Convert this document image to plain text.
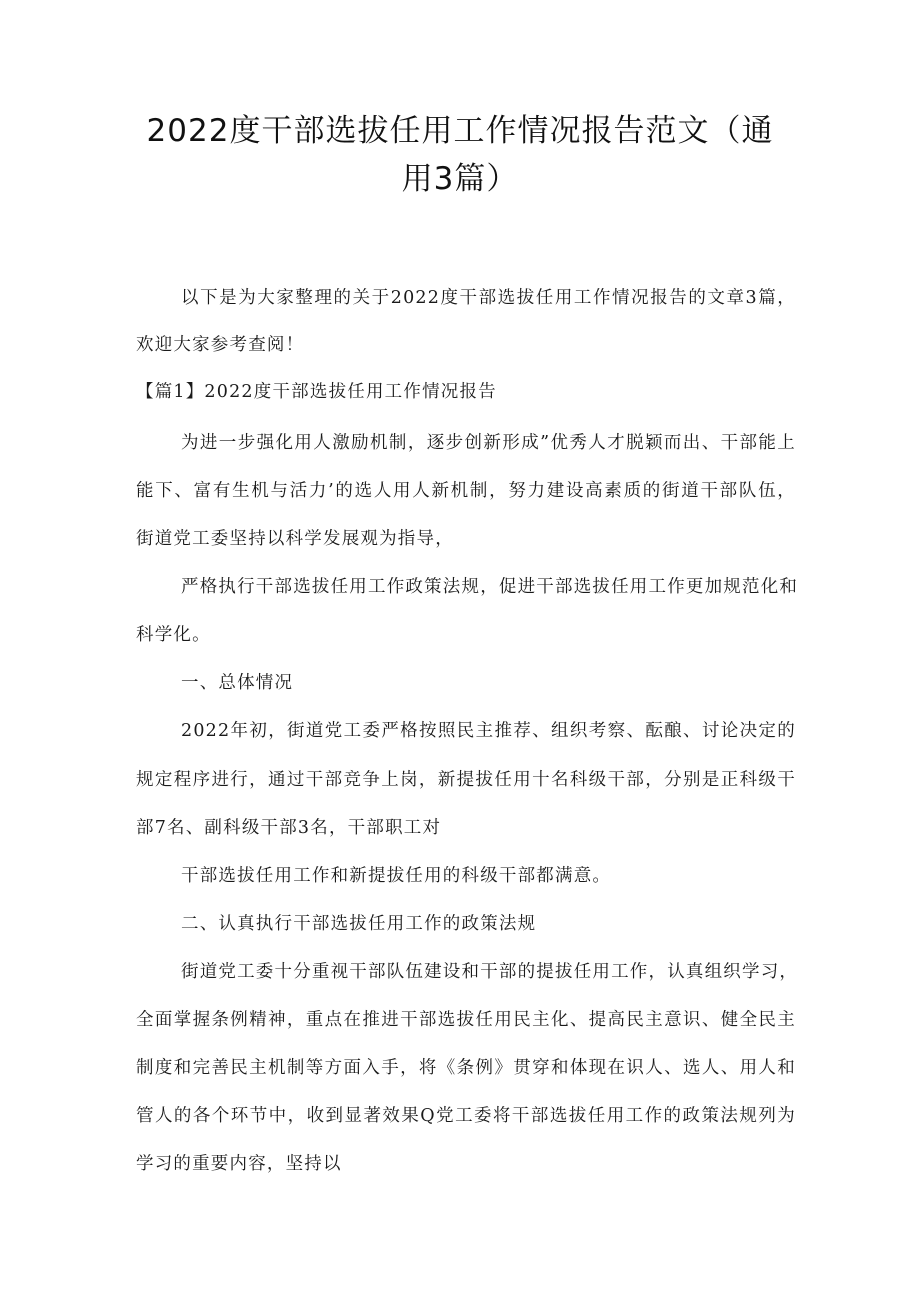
2022度干部选拔任用工作情况报告范文（通
用3篇）
以下是为大家整理的关于2022度干部选拔任用工作情况报告的文章3篇，
欢迎大家参考查阅！
【篇1】2022度干部选拔任用工作情况报告
为进一步强化用人激励机制，逐步创新形成”优秀人才脱颖而出、干部能上
能下、富有生机与活力’的选人用人新机制，努力建设高素质的街道干部队伍，
街道党工委坚持以科学发展观为指导，
严格执行干部选拔任用工作政策法规，促进干部选拔任用工作更加规范化和
科学化。
一、总体情况
2022年初，街道党工委严格按照民主推荐、组织考察、酝酿、讨论决定的
规定程序进行，通过干部竞争上岗，新提拔任用十名科级干部，分别是正科级干
部7名、副科级干部3名，干部职工对
干部选拔任用工作和新提拔任用的科级干部都满意。
二、认真执行干部选拔任用工作的政策法规
街道党工委十分重视干部队伍建设和干部的提拔任用工作，认真组织学习，
全面掌握条例精神，重点在推进干部选拔任用民主化、提高民主意识、健全民主
制度和完善民主机制等方面入手，将《条例》贯穿和体现在识人、选人、用人和
管人的各个环节中，收到显著效果Q党工委将干部选拔任用工作的政策法规列为
学习的重要内容，坚持以
